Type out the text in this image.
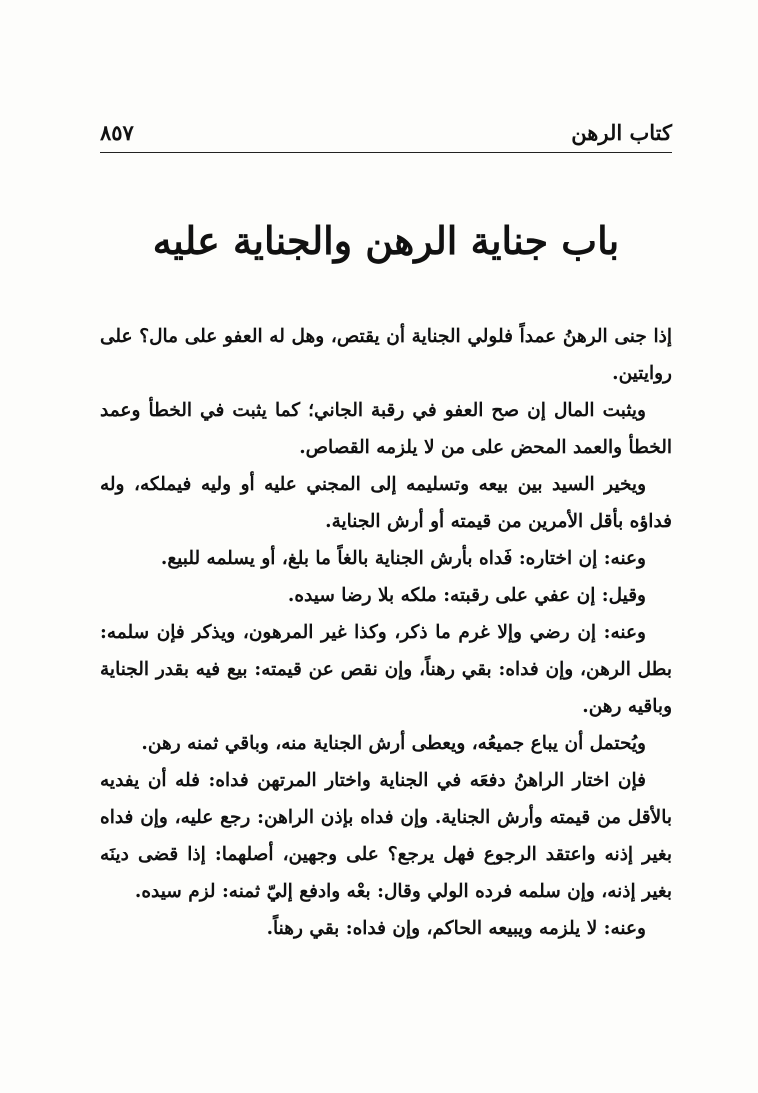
كتاب الرهن
٨٥٧
باب جناية الرهن والجناية عليه

إذا جنى الرهنُ عمداً فلولي الجناية أن يقتص، وهل له العفو على مال؟ على روايتين.

ويثبت المال إن صح العفو في رقبة الجاني؛ كما يثبت في الخطأ وعمد الخطأ والعمد المحض على من لا يلزمه القصاص.

ويخير السيد بين بيعه وتسليمه إلى المجني عليه أو وليه فيملكه، وله فداؤه بأقل الأمرين من قيمته أو أرش الجناية.

وعنه: إن اختاره: فَداه بأرش الجناية بالغاً ما بلغ، أو يسلمه للبيع.

وقيل: إن عفي على رقبته: ملكه بلا رضا سيده.

وعنه: إن رضي وإلا غرم ما ذكر، وكذا غير المرهون، ويذكر فإن سلمه: بطل الرهن، وإن فداه: بقي رهناً، وإن نقص عن قيمته: بيع فيه بقدر الجناية وباقيه رهن.

ويُحتمل أن يباع جميعُه، ويعطى أرش الجناية منه، وباقي ثمنه رهن.

فإن اختار الراهنُ دفعَه في الجناية واختار المرتهن فداه: فله أن يفديه بالأقل من قيمته وأرش الجناية. وإن فداه بإذن الراهن: رجع عليه، وإن فداه بغير إذنه واعتقد الرجوع فهل يرجع؟ على وجهين، أصلهما: إذا قضى دينَه بغير إذنه، وإن سلمه فرده الولي وقال: بعْه وادفع إليّ ثمنه: لزم سيده.

وعنه: لا يلزمه ويبيعه الحاكم، وإن فداه: بقي رهناً.
